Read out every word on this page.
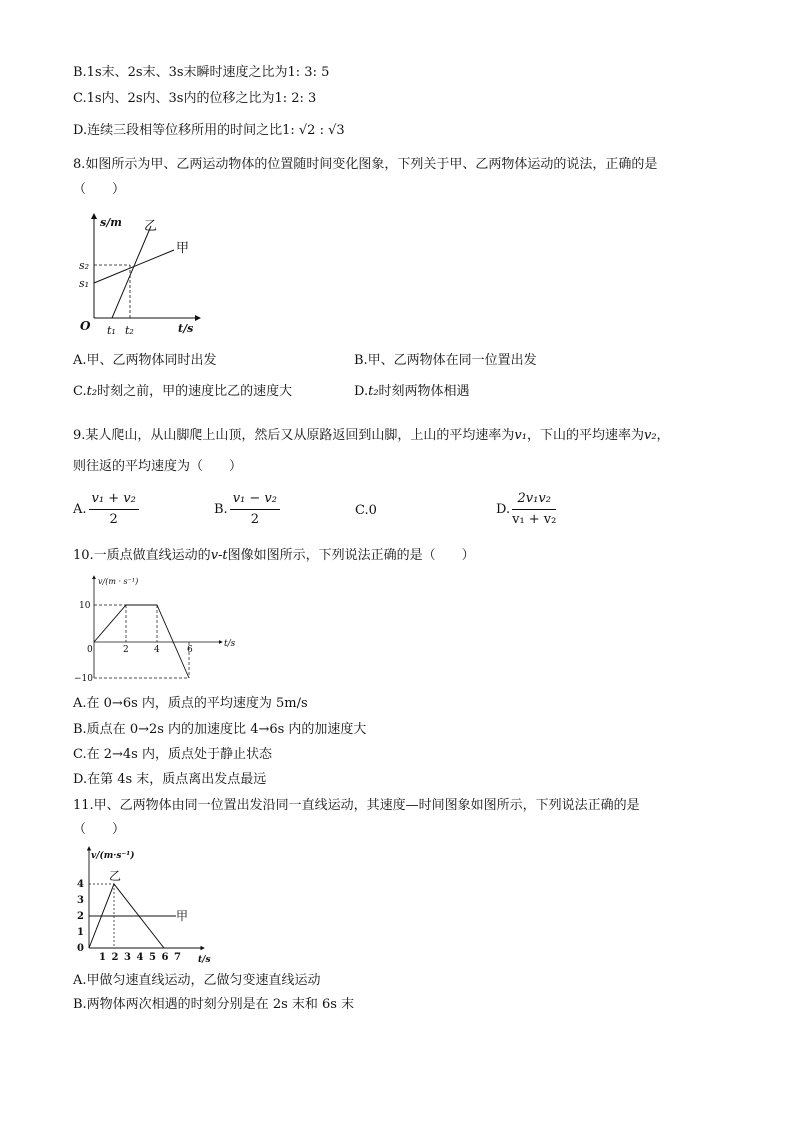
B.1s末、2s末、3s末瞬时速度之比为1: 3: 5
C.1s内、2s内、3s内的位移之比为1: 2: 3
D.连续三段相等位移所用的时间之比1: √2 : √3
8.如图所示为甲、乙两运动物体的位置随时间变化图象，下列关于甲、乙两物体运动的说法，正确的是
（　　）
s/m
t/s
O
s₂
s₁
t₁ t₂
乙
甲
A.甲、乙两物体同时出发	B.甲、乙两物体在同一位置出发
C.t₂时刻之前，甲的速度比乙的速度大	D.t₂时刻两物体相遇
9.某人爬山，从山脚爬上山顶，然后又从原路返回到山脚，上山的平均速率为v₁，下山的平均速率为v₂，
则往返的平均速度为（　　）
A. $\frac{\text{v₁ + v₂}}{2}$	B. $\frac{\text{v₁ − v₂}}{2}$	C.0	D. $\frac{\text{2v₁v₂}}{\text{v₁ + v₂}}$
10.一质点做直线运动的v-t图像如图所示，下列说法正确的是（　　）
v/(m · s⁻¹)
t/s
10
−10
0	2	4	6
A.在 0→6s 内，质点的平均速度为 5m/s
B.质点在 0→2s 内的加速度比 4→6s 内的加速度大
C.在 2→4s 内，质点处于静止状态
D.在第 4s 末，质点离出发点最远
11.甲、乙两物体由同一位置出发沿同一直线运动，其速度—时间图象如图所示，下列说法正确的是
（　　）
v/(m·s⁻¹)
t/s
0
1
2
3
4
1 2 3 4 5 6 7
乙
甲
A.甲做匀速直线运动，乙做匀变速直线运动
B.两物体两次相遇的时刻分别是在 2s 末和 6s 末
